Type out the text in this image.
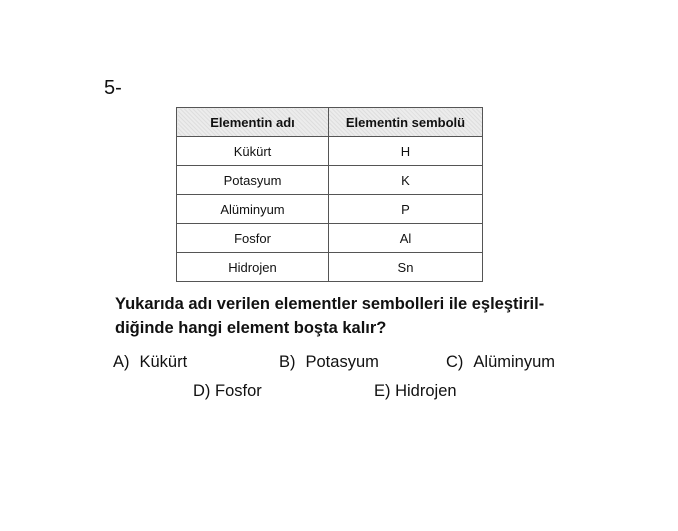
5-
Elementin adı	Elementin sembolü
Kükürt	H
Potasyum	K
Alüminyum	P
Fosfor	Al
Hidrojen	Sn

Yukarıda adı verilen elementler sembolleri ile eşleştiril-
diğinde hangi element boşta kalır?

A) Kükürt	B) Potasyum	C) Alüminyum
D) Fosfor	E) Hidrojen
